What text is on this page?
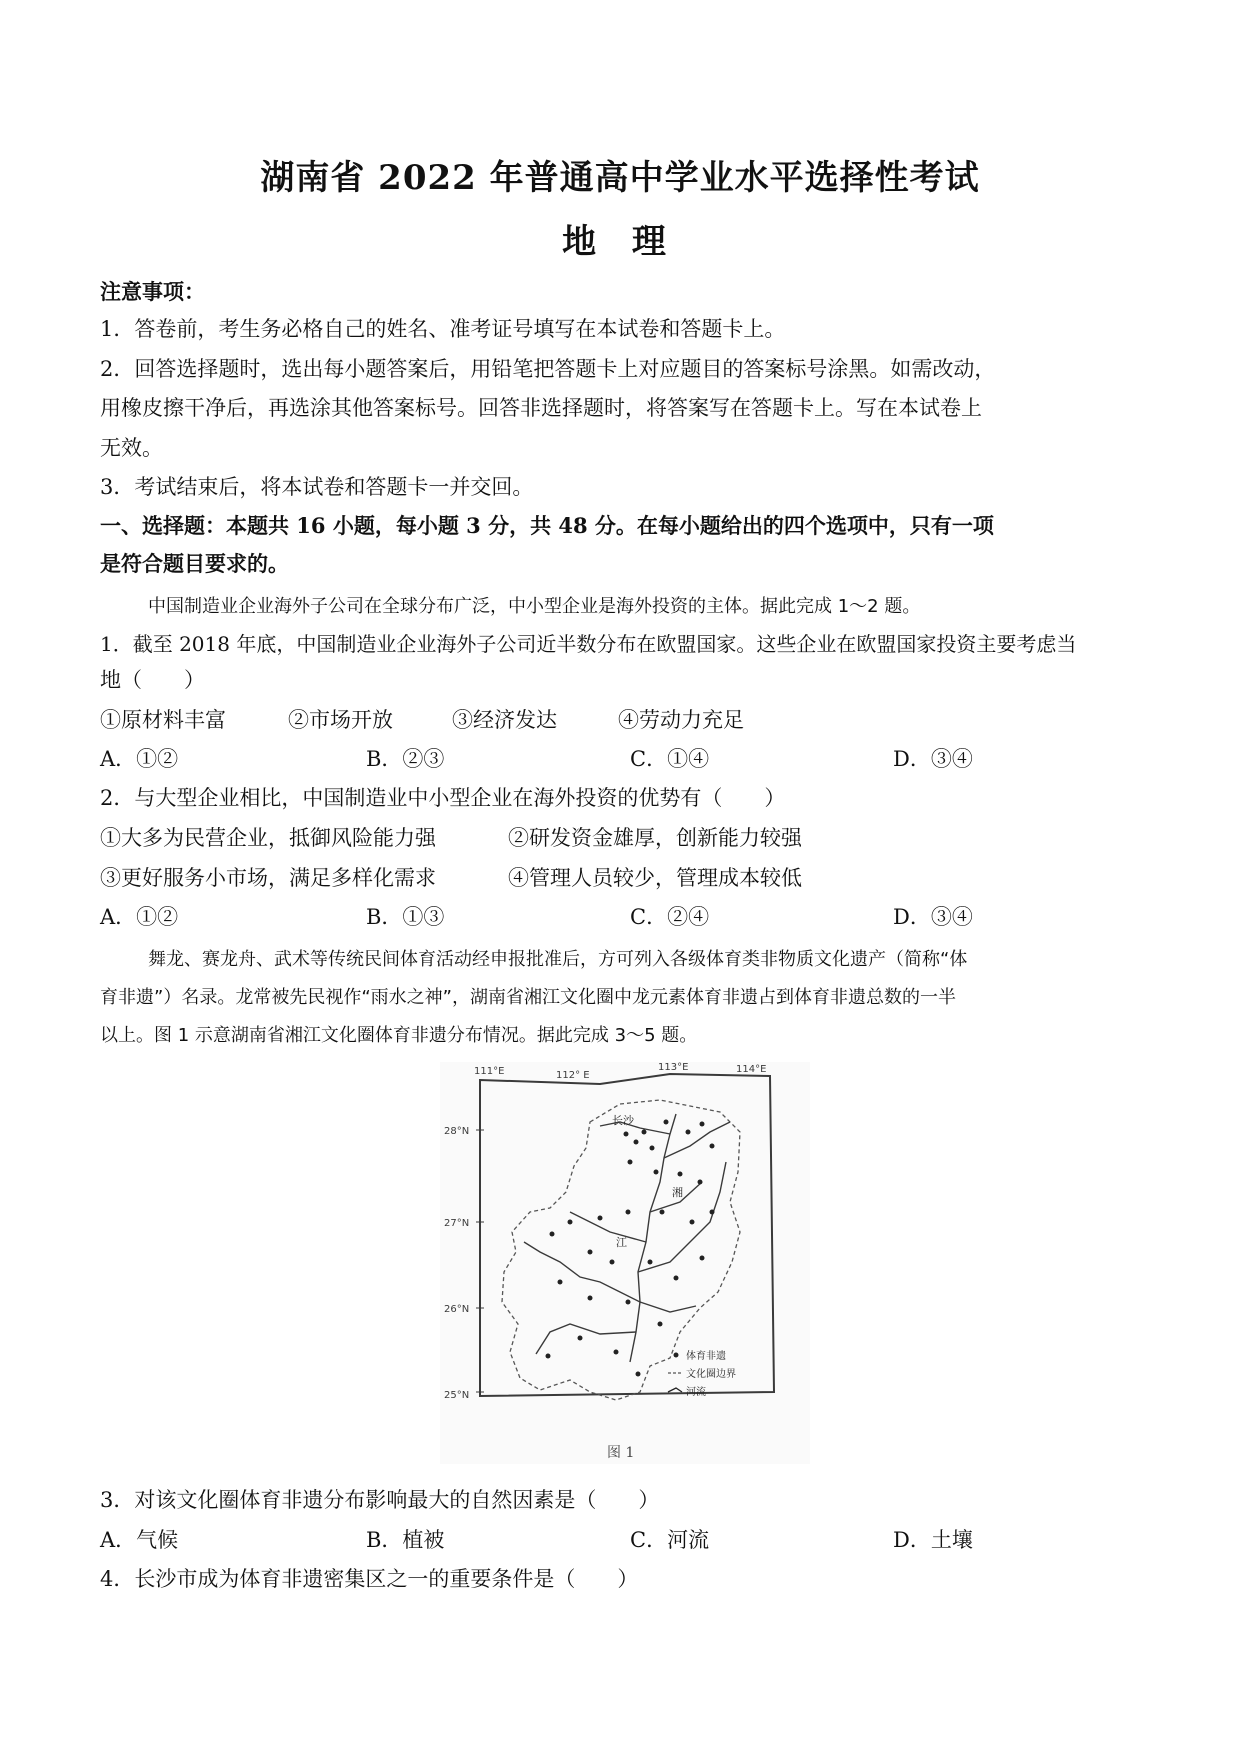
湖南省 2022 年普通高中学业水平选择性考试
地 理
注意事项：
1．答卷前，考生务必格自己的姓名、准考证号填写在本试卷和答题卡上。
2．回答选择题时，选出每小题答案后，用铅笔把答题卡上对应题目的答案标号涂黑。如需改动，
用橡皮擦干净后，再选涂其他答案标号。回答非选择题时，将答案写在答题卡上。写在本试卷上
无效。
3．考试结束后，将本试卷和答题卡一并交回。
一、选择题：本题共 16 小题，每小题 3 分，共 48 分。在每小题给出的四个选项中，只有一项
是符合题目要求的。
中国制造业企业海外子公司在全球分布广泛，中小型企业是海外投资的主体。据此完成 1～2 题。
1．截至 2018 年底，中国制造业企业海外子公司近半数分布在欧盟国家。这些企业在欧盟国家投资主要考虑当
地（　　）
①原材料丰富	②市场开放	③经济发达	④劳动力充足
A．①②	B．②③	C．①④	D．③④
2．与大型企业相比，中国制造业中小型企业在海外投资的优势有（　　）
①大多为民营企业，抵御风险能力强	②研发资金雄厚，创新能力较强
③更好服务小市场，满足多样化需求	④管理人员较少，管理成本较低
A．①②	B．①③	C．②④	D．③④
舞龙、赛龙舟、武术等传统民间体育活动经申报批准后，方可列入各级体育类非物质文化遗产（简称“体
育非遗”）名录。龙常被先民视作“雨水之神”，湖南省湘江文化圈中龙元素体育非遗占到体育非遗总数的一半
以上。图 1 示意湖南省湘江文化圈体育非遗分布情况。据此完成 3～5 题。
111°E	112° E
113°E	114°E
28°N
27°N
26°N
25°N
长沙
湘
江
体育非遗
文化圈边界
河流
图 1
3．对该文化圈体育非遗分布影响最大的自然因素是（　　）
A．气候	B．植被	C．河流	D．土壤
4．长沙市成为体育非遗密集区之一的重要条件是（　　）
